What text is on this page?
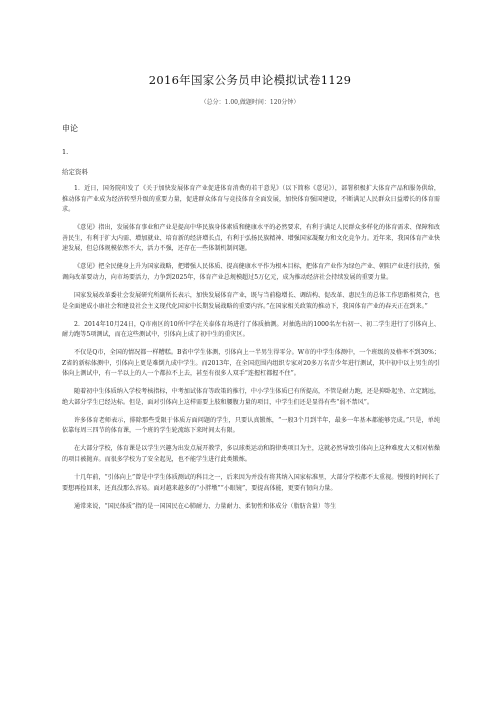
2016年国家公务员申论模拟试卷1129
（总分：1.00,做题时间：120分钟）
申论
1.
给定资料

1．近日，国务院印发了《关于加快发展体育产业促进体育消费的若干意见》（以下简称《意见》），部署积极扩大体育产品和服务供给，推动体育产业成为经济转型升级的重要力量，促进群众体育与竞技体育全面发展，加快体育强国建设，不断满足人民群众日益增长的体育需求。

《意见》指出，发展体育事业和产业是提高中华民族身体素质和健康水平的必然要求，有利于满足人民群众多样化的体育需求、保障和改善民生，有利于扩大内需、增加就业、培育新的经济增长点，有利于弘扬民族精神、增强国家凝聚力和文化竞争力。近年来，我国体育产业快速发展，但总体规模依然不大，活力不强，还存在一些体制机制问题。

《意见》把全民健身上升为国家战略，把增强人民体质、提高健康水平作为根本目标，把体育产业作为绿色产业、朝阳产业进行扶持，强调向改革要动力，向市场要活力，力争到2025年，体育产业总规模超过5万亿元，成为推动经济社会持续发展的重要力量。

国家发展改革委社会发展研究所副所长表示，加快发展体育产业，既与当前稳增长、调结构、促改革、惠民生的总体工作思路相契合，也是全面建成小康社会和建设社会主义现代化国家中长期发展战略的重要内容。”在国家相关政策的推动下，我国体育产业的春天正在到来。”

2．2014年10月24日，Q市南区的10所中学在关泰体育场进行了体质抽测。对抽选出的1000名左右初一、初二学生进行了引体向上、耐力跑等5项测试，而在这些测试中，引体向上成了初中生的重灾区。

不仅是Q市，全国的情况都一样糟糕。B省中学生体测，引体向上一半男生得零分。W市的中学生体测中，一个班级的及格率不到30%；Z省的新标体测中，引体向上更是难倒九成中学生。而2013年，在全国范围内组织专家对20多万名青少年进行测试，其中初中以上男生的引体向上测试中，有一半以上的人一个都拉不上去，甚至有很多人双手“连握杠都握不住”。

随着初中生体质纳入学校考核指标，中考加试体育等政策的推行，中小学生体质已有所提高，不管是耐力跑，还是抑卧起坐、立定跳远，绝大部分学生已经达标。但是，面对引体向上这样需要上肢和腰腹力量的项目，中学生们还是显得有些“弱不禁风”。

许多体育老师表示，排除那些受限于体质方面问题的学生，只要认真锻炼，“一般3个月到半年，最多一年基本都能够完成。”只是，单纯依靠每周三四节的体育课，一个班的学生轮流练下来时间太有限。

在大部分学校，体育课是以学生兴趣为出发点展开教学，多以球类运动和韵律类项目为主，这就必然导致引体向上这种难度大又相对枯燥的项目被抛弃。而很多学校为了安全起见，也不能学生进行此类锻炼。

十几年前，“引体向上”曾是中学生体质测试的科目之一，后来因为并没有将其纳入国家标准里，大部分学校都不太重视。慢慢的时间长了要想再捡回来，还真没那么容易。面对越来越多的“小胖墩”“小眼镜”，要提高体能，更要有韧向力量。

通常来说，“国民体质”指的是一国国民在心肺耐力、力量耐力、柔韧性和体成分（脂肪含量）等生
